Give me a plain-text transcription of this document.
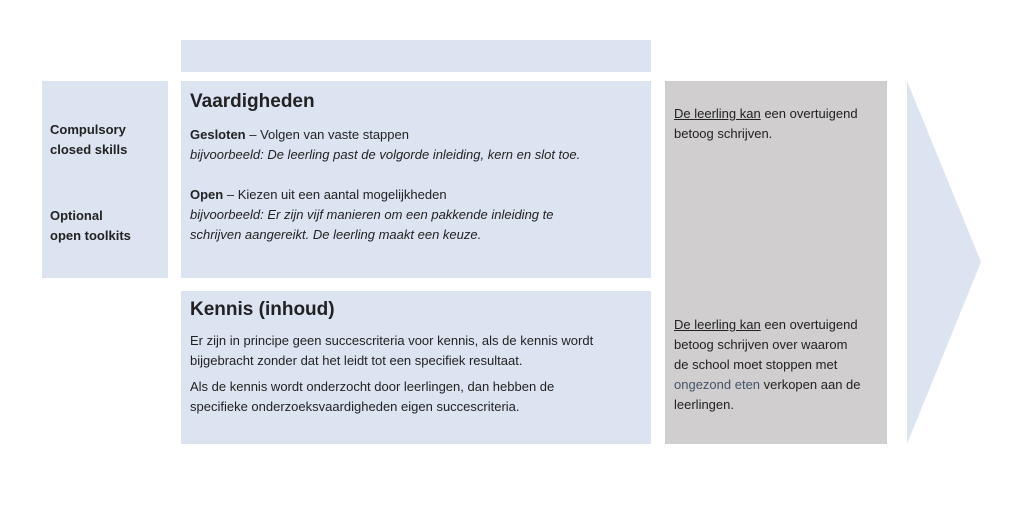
Compulsory
closed skills
Optional
open toolkits
Vaardigheden

Gesloten – Volgen van vaste stappen

bijvoorbeeld: De leerling past de volgorde inleiding, kern en slot toe.

Open – Kiezen uit een aantal mogelijkheden

bijvoorbeeld: Er zijn vijf manieren om een pakkende inleiding te

schrijven aangereikt. De leerling maakt een keuze.

Kennis (inhoud)

Er zijn in principe geen succescriteria voor kennis, als de kennis wordt

bijgebracht zonder dat het leidt tot een specifiek resultaat.

Als de kennis wordt onderzocht door leerlingen, dan hebben de

specifieke onderzoeksvaardigheden eigen succescriteria.

De leerling kan een overtuigend
betoog schrijven.
De leerling kan een overtuigend
betoog schrijven over waarom
de school moet stoppen met
ongezond eten verkopen aan de
leerlingen.
